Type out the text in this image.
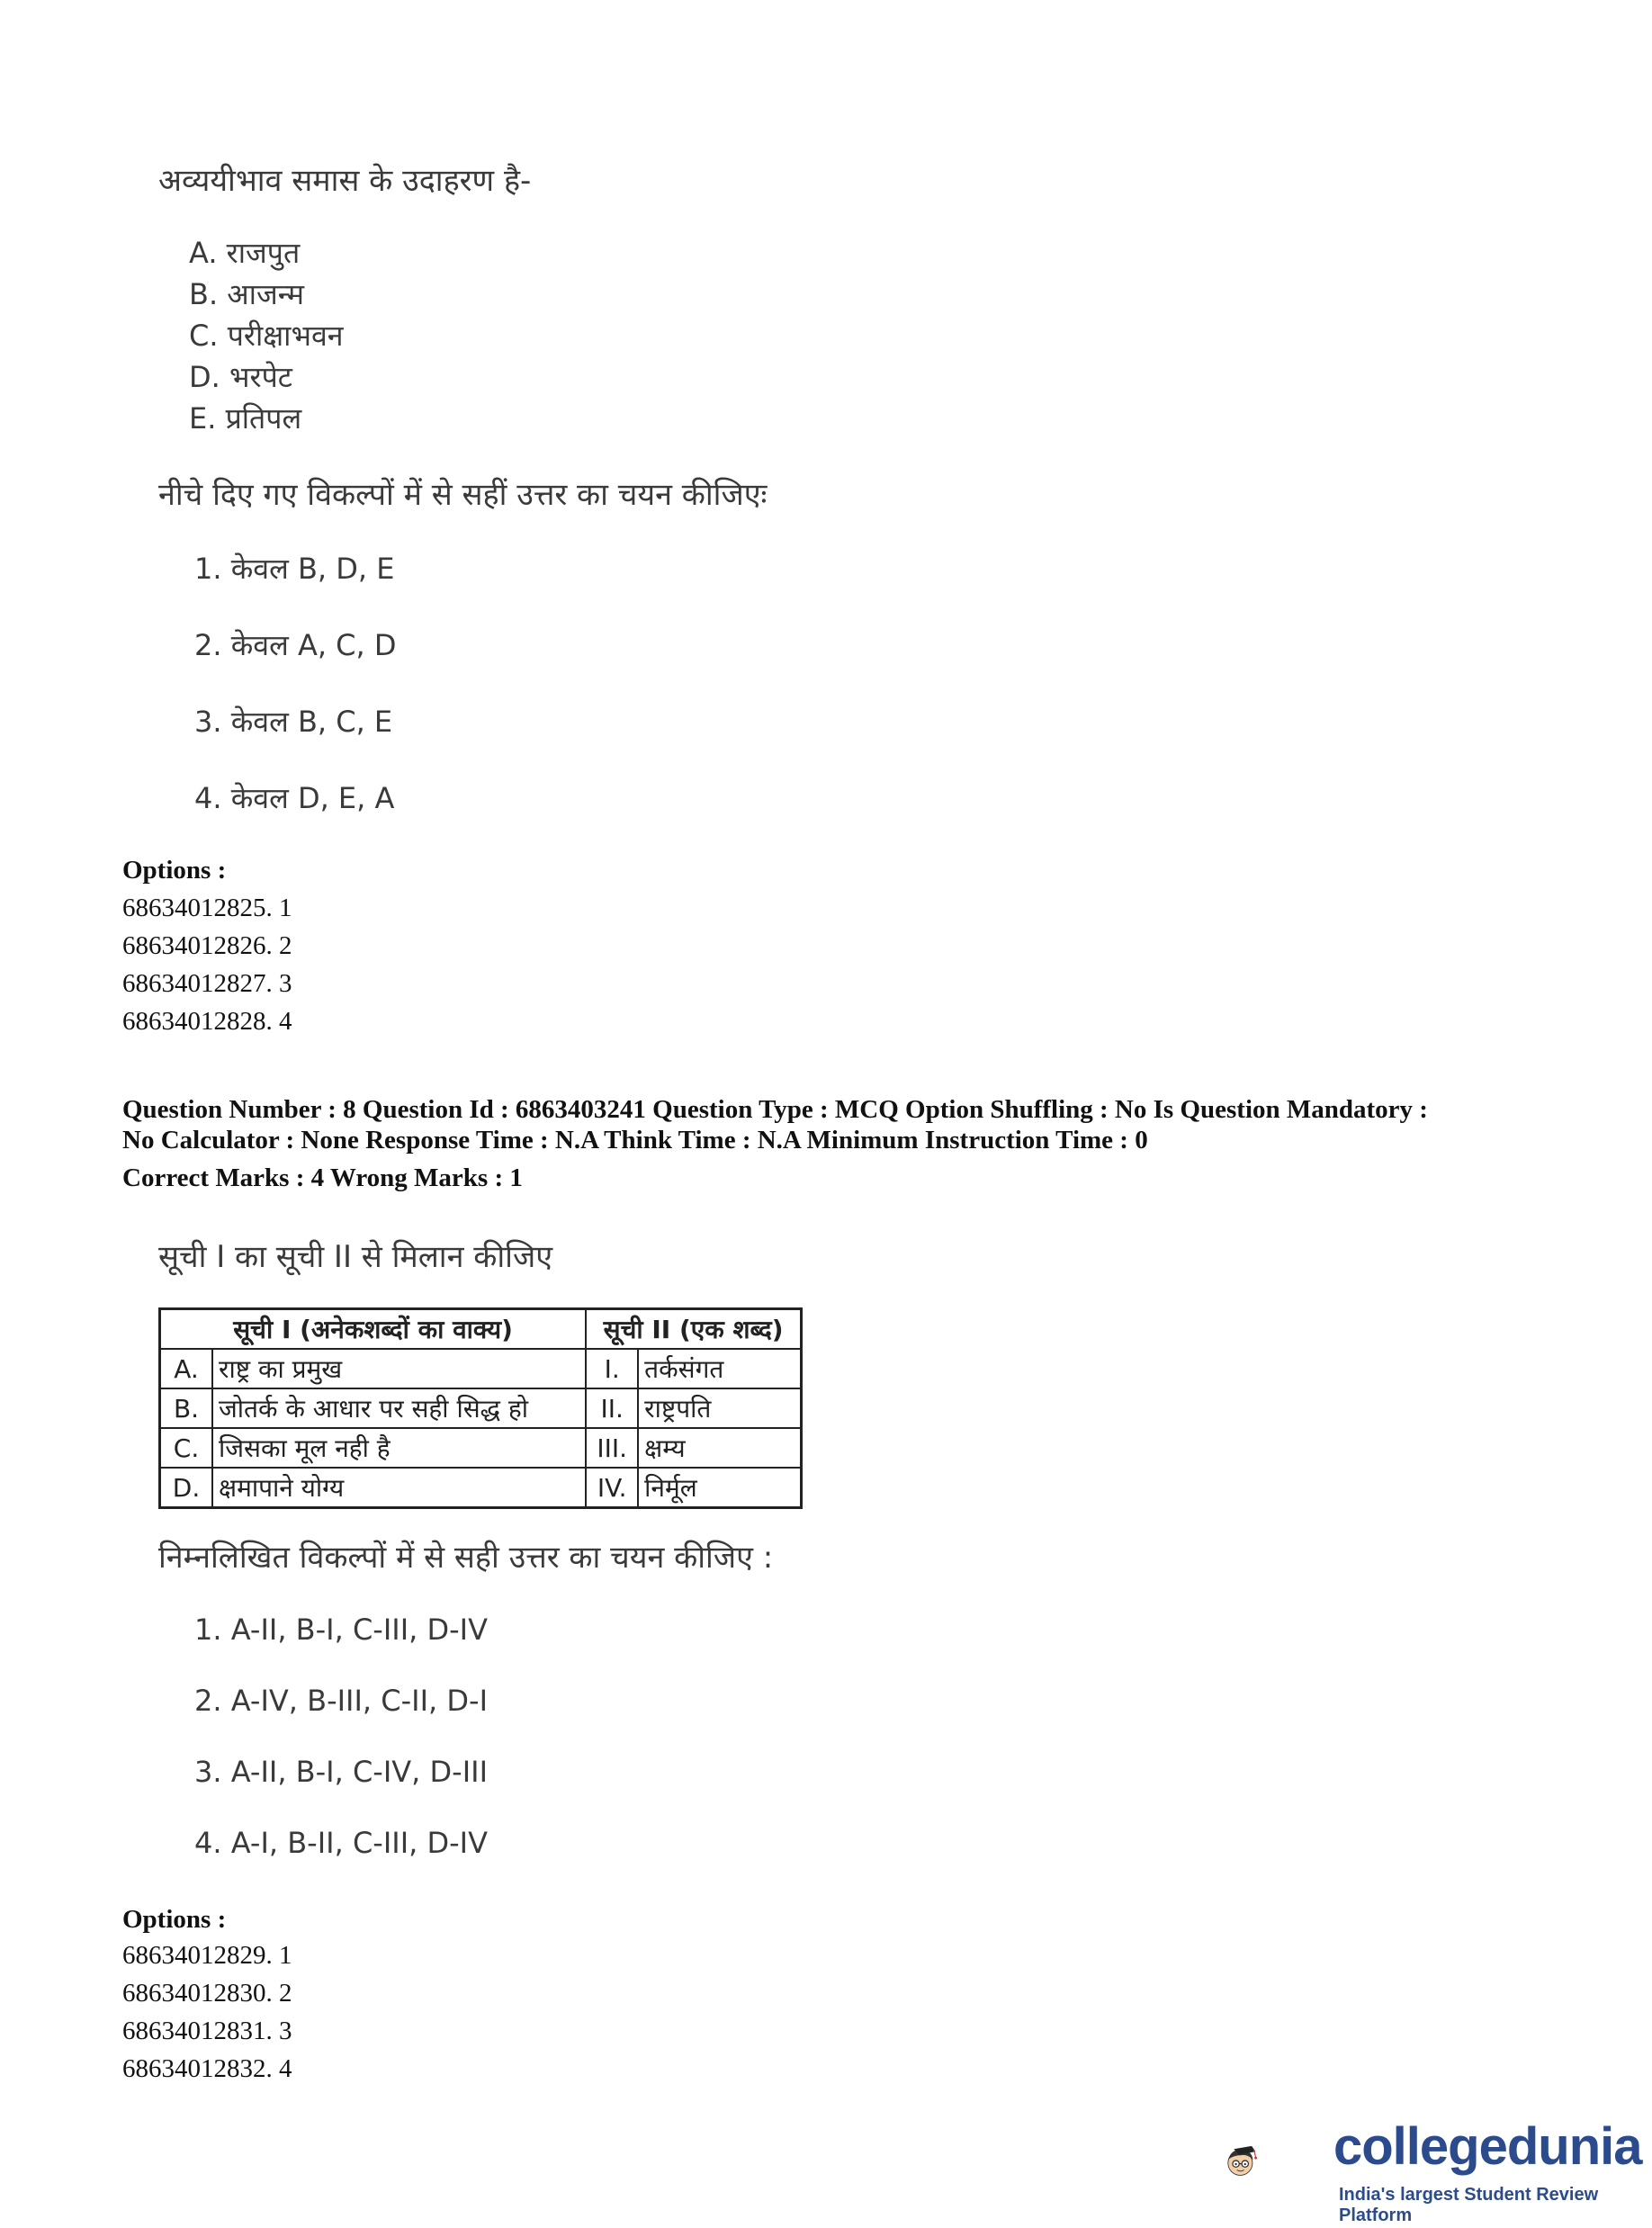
अव्ययीभाव समास के उदाहरण है-
A. राजपुत
B. आजन्म
C. परीक्षाभवन
D. भरपेट
E. प्रतिपल
नीचे दिए गए विकल्पों में से सहीं उत्तर का चयन कीजिएः
1. केवल B, D, E
2. केवल A, C, D
3. केवल B, C, E
4. केवल D, E, A
Options :
68634012825. 1
68634012826. 2
68634012827. 3
68634012828. 4
Question Number : 8 Question Id : 6863403241 Question Type : MCQ Option Shuffling : No Is Question Mandatory :
No Calculator : None Response Time : N.A Think Time : N.A Minimum Instruction Time : 0
Correct Marks : 4 Wrong Marks : 1
सूची I का सूची II से मिलान कीजिए
सूची I (अनेकशब्दों का वाक्य)		सूची II (एक शब्द)	
A.	राष्ट्र का प्रमुख	I.	तर्कसंगत
B.	जोतर्क के आधार पर सही सिद्ध हो	II.	राष्ट्रपति
C.	जिसका मूल नही है	III.	क्षम्य
D.	क्षमापाने योग्य	IV.	निर्मूल
निम्नलिखित विकल्पों में से सही उत्तर का चयन कीजिए :
1. A-II, B-I, C-III, D-IV
2. A-IV, B-III, C-II, D-I
3. A-II, B-I, C-IV, D-III
4. A-I, B-II, C-III, D-IV
Options :
68634012829. 1
68634012830. 2
68634012831. 3
68634012832. 4
collegedunia
India's largest Student Review Platform
